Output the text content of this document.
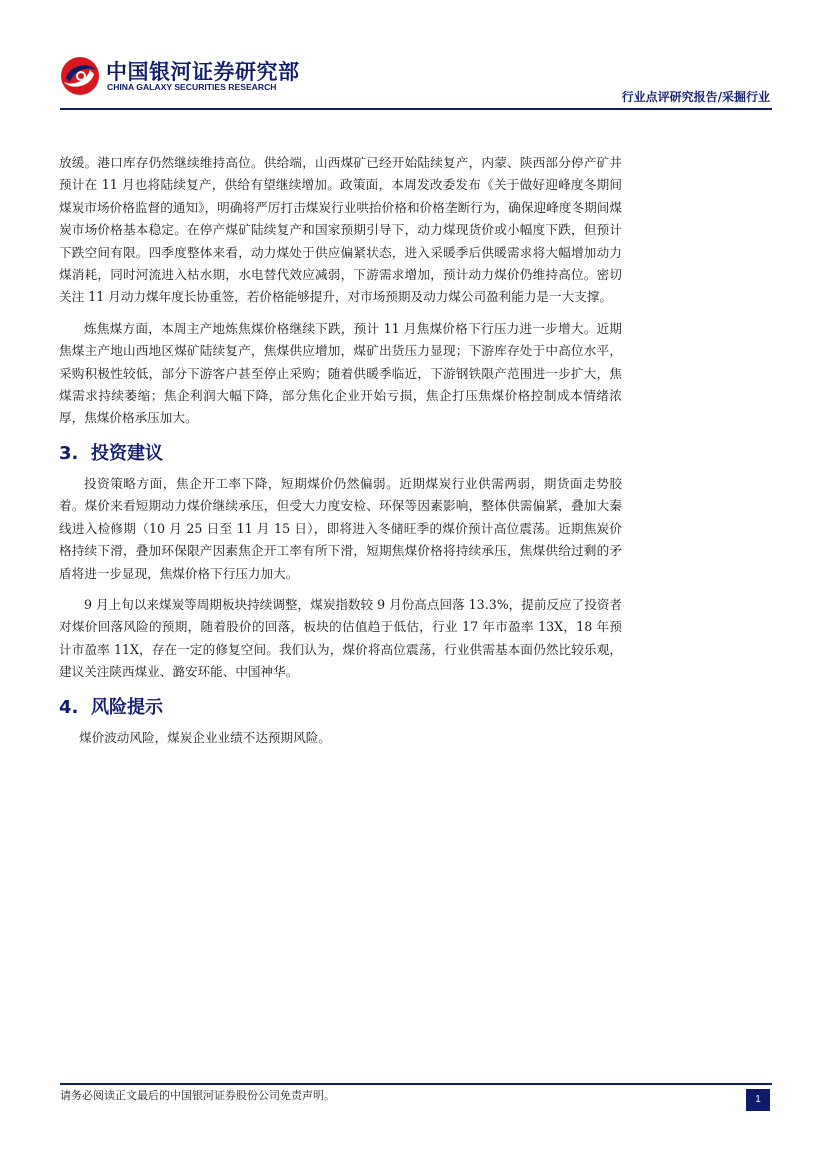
中国银河证券研究部
CHINA GALAXY SECURITIES RESEARCH
行业点评研究报告/采掘行业

放缓。港口库存仍然继续维持高位。供给端，山西煤矿已经开始陆续复产，内蒙、陕西部分停产矿井预计在 11 月也将陆续复产，供给有望继续增加。政策面，本周发改委发布《关于做好迎峰度冬期间煤炭市场价格监督的通知》，明确将严厉打击煤炭行业哄抬价格和价格垄断行为，确保迎峰度冬期间煤炭市场价格基本稳定。在停产煤矿陆续复产和国家预期引导下，动力煤现货价或小幅度下跌，但预计下跌空间有限。四季度整体来看，动力煤处于供应偏紧状态，进入采暖季后供暖需求将大幅增加动力煤消耗，同时河流进入枯水期，水电替代效应减弱，下游需求增加，预计动力煤价仍维持高位。密切关注 11 月动力煤年度长协重签，若价格能够提升，对市场预期及动力煤公司盈利能力是一大支撑。

炼焦煤方面，本周主产地炼焦煤价格继续下跌，预计 11 月焦煤价格下行压力进一步增大。近期焦煤主产地山西地区煤矿陆续复产，焦煤供应增加，煤矿出货压力显现；下游库存处于中高位水平，采购积极性较低，部分下游客户甚至停止采购；随着供暖季临近，下游钢铁限产范围进一步扩大，焦煤需求持续萎缩；焦企利润大幅下降，部分焦化企业开始亏损，焦企打压焦煤价格控制成本情绪浓厚，焦煤价格承压加大。

3. 投资建议

投资策略方面，焦企开工率下降，短期煤价仍然偏弱。近期煤炭行业供需两弱，期货面走势胶着。煤价来看短期动力煤价继续承压，但受大力度安检、环保等因素影响，整体供需偏紧，叠加大秦线进入检修期（10 月 25 日至 11 月 15 日），即将进入冬储旺季的煤价预计高位震荡。近期焦炭价格持续下滑，叠加环保限产因素焦企开工率有所下滑，短期焦煤价格将持续承压，焦煤供给过剩的矛盾将进一步显现，焦煤价格下行压力加大。

9 月上旬以来煤炭等周期板块持续调整，煤炭指数较 9 月份高点回落 13.3%，提前反应了投资者对煤价回落风险的预期，随着股价的回落，板块的估值趋于低估，行业 17 年市盈率 13X，18 年预计市盈率 11X，存在一定的修复空间。我们认为，煤价将高位震荡，行业供需基本面仍然比较乐观，建议关注陕西煤业、潞安环能、中国神华。

4. 风险提示

煤价波动风险，煤炭企业业绩不达预期风险。

请务必阅读正文最后的中国银河证券股份公司免责声明。	1
